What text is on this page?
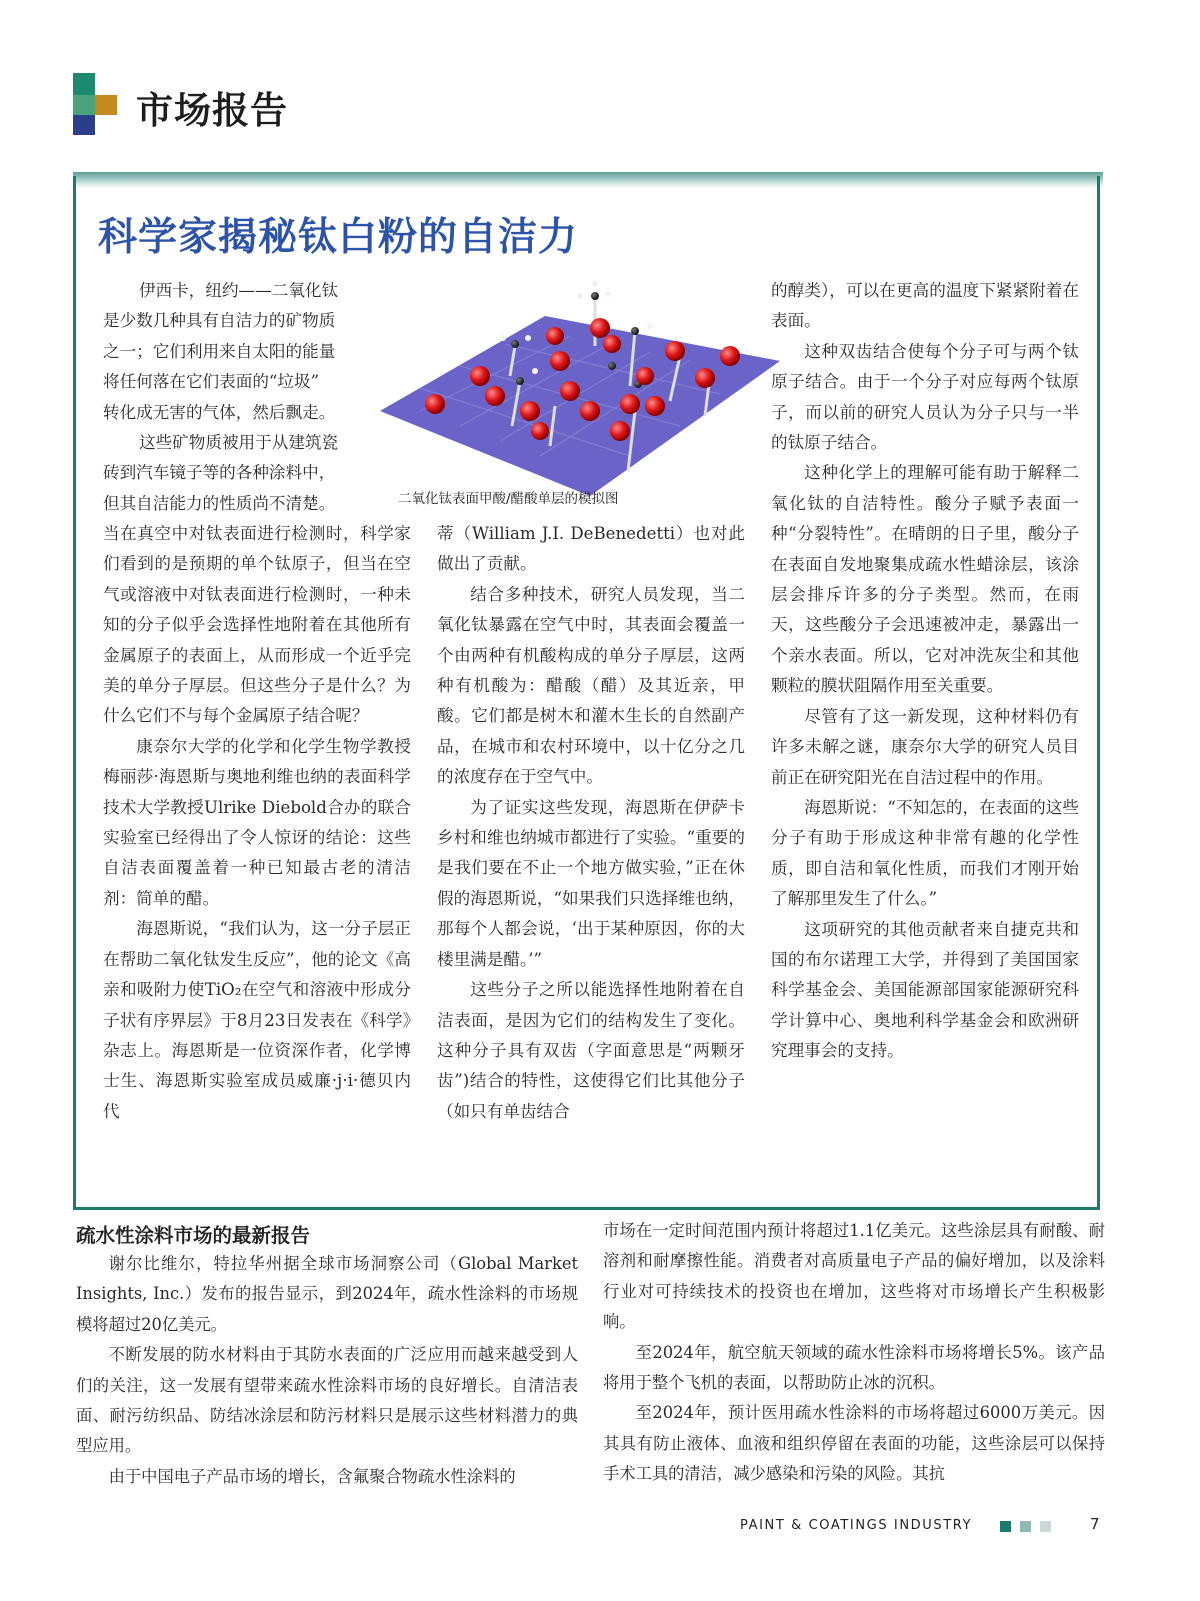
市场报告
科学家揭秘钛白粉的自洁力

伊西卡，纽约——二氧化钛

是少数几种具有自洁力的矿物质

之一；它们利用来自太阳的能量

将任何落在它们表面的“垃圾”

转化成无害的气体，然后飘走。

这些矿物质被用于从建筑瓷

砖到汽车镜子等的各种涂料中，

但其自洁能力的性质尚不清楚。	二氧化钛表面甲酸/醋酸单层的模拟图

当在真空中对钛表面进行检测时，科学家们看到的是预期的单个钛原子，但当在空气或溶液中对钛表面进行检测时，一种未知的分子似乎会选择性地附着在其他所有金属原子的表面上，从而形成一个近乎完美的单分子厚层。但这些分子是什么？为什么它们不与每个金属原子结合呢？

康奈尔大学的化学和化学生物学教授梅丽莎·海恩斯与奥地利维也纳的表面科学技术大学教授Ulrike Diebold合办的联合实验室已经得出了令人惊讶的结论：这些自洁表面覆盖着一种已知最古老的清洁剂：简单的醋。

海恩斯说，“我们认为，这一分子层正在帮助二氧化钛发生反应”，他的论文《高亲和吸附力使TiO₂在空气和溶液中形成分子状有序界层》于8月23日发表在《科学》杂志上。海恩斯是一位资深作者，化学博士生、海恩斯实验室成员威廉·j·i·德贝内代

蒂（William J.I. DeBenedetti）也对此做出了贡献。

结合多种技术，研究人员发现，当二氧化钛暴露在空气中时，其表面会覆盖一个由两种有机酸构成的单分子厚层，这两种有机酸为：醋酸（醋）及其近亲，甲酸。它们都是树木和灌木生长的自然副产品，在城市和农村环境中，以十亿分之几的浓度存在于空气中。

为了证实这些发现，海恩斯在伊萨卡乡村和维也纳城市都进行了实验。“重要的是我们要在不止一个地方做实验，”正在休假的海恩斯说，“如果我们只选择维也纳，那每个人都会说，‘出于某种原因，你的大楼里满是醋。’”

这些分子之所以能选择性地附着在自洁表面，是因为它们的结构发生了变化。这种分子具有双齿（字面意思是“两颗牙齿”)结合的特性，这使得它们比其他分子（如只有单齿结合

的醇类），可以在更高的温度下紧紧附着在表面。

这种双齿结合使每个分子可与两个钛原子结合。由于一个分子对应每两个钛原子，而以前的研究人员认为分子只与一半的钛原子结合。

这种化学上的理解可能有助于解释二氧化钛的自洁特性。酸分子赋予表面一种“分裂特性”。在晴朗的日子里，酸分子在表面自发地聚集成疏水性蜡涂层，该涂层会排斥许多的分子类型。然而，在雨天，这些酸分子会迅速被冲走，暴露出一个亲水表面。所以，它对冲洗灰尘和其他颗粒的膜状阻隔作用至关重要。

尽管有了这一新发现，这种材料仍有许多未解之谜，康奈尔大学的研究人员目前正在研究阳光在自洁过程中的作用。

海恩斯说：“不知怎的，在表面的这些分子有助于形成这种非常有趣的化学性质，即自洁和氧化性质，而我们才刚开始了解那里发生了什么。”

这项研究的其他贡献者来自捷克共和国的布尔诺理工大学，并得到了美国国家科学基金会、美国能源部国家能源研究科学计算中心、奥地利科学基金会和欧洲研究理事会的支持。

疏水性涂料市场的最新报告

谢尔比维尔，特拉华州据全球市场洞察公司（Global Market Insights, Inc.）发布的报告显示，到2024年，疏水性涂料的市场规模将超过20亿美元。

不断发展的防水材料由于其防水表面的广泛应用而越来越受到人们的关注，这一发展有望带来疏水性涂料市场的良好增长。自清洁表面、耐污纺织品、防结冰涂层和防污材料只是展示这些材料潜力的典型应用。

由于中国电子产品市场的增长，含氟聚合物疏水性涂料的

市场在一定时间范围内预计将超过1.1亿美元。这些涂层具有耐酸、耐溶剂和耐摩擦性能。消费者对高质量电子产品的偏好增加，以及涂料行业对可持续技术的投资也在增加，这些将对市场增长产生积极影响。

至2024年，航空航天领域的疏水性涂料市场将增长5%。该产品将用于整个飞机的表面，以帮助防止冰的沉积。

至2024年，预计医用疏水性涂料的市场将超过6000万美元。因其具有防止液体、血液和组织停留在表面的功能，这些涂层可以保持手术工具的清洁，减少感染和污染的风险。其抗

PAINT & COATINGS INDUSTRY	7
